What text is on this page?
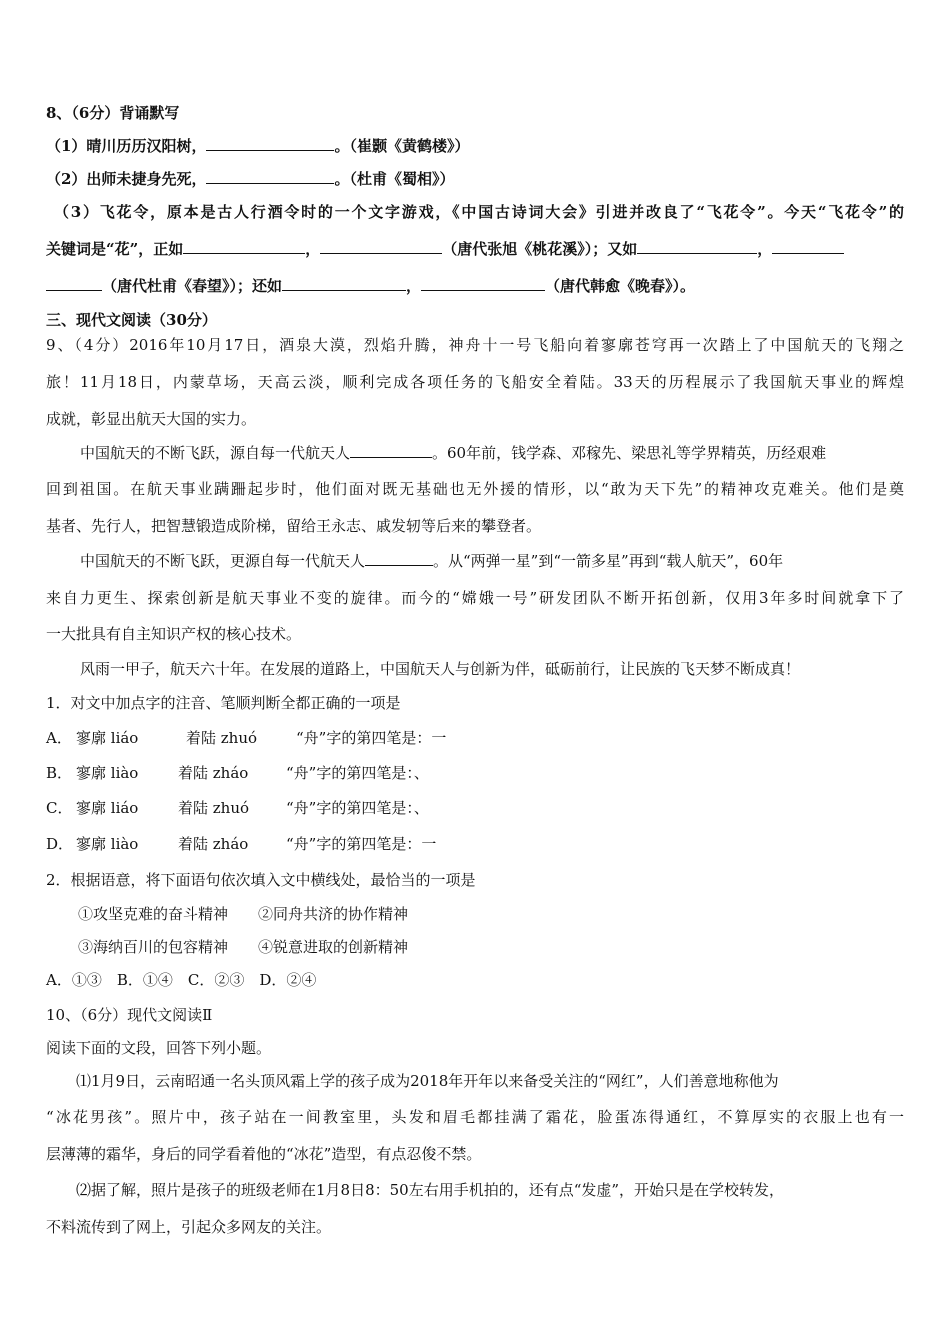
8、（6分）背诵默写
（1）晴川历历汉阳树，	。（崔颢《黄鹤楼》）
（2）出师未捷身先死，	。（杜甫《蜀相》）
（3）飞花令，原本是古人行酒令时的一个文字游戏，《中国古诗词大会》引进并改良了“飞花令”。今天“飞花令”的
关键词是“花”，正如	，	（唐代张旭《桃花溪》）；又如	，
（唐代杜甫《春望》）；还如	，	（唐代韩愈《晚春》）。
三、现代文阅读（30分）
9、（4分）2016年10月17日，酒泉大漠，烈焰升腾，神舟十一号飞船向着寥廓苍穹再一次踏上了中国航天的飞翔之
旅！11月18日，内蒙草场，天高云淡，顺利完成各项任务的飞船安全着陆。33天的历程展示了我国航天事业的辉煌
成就，彰显出航天大国的实力。
中国航天的不断飞跃，源自每一代航天人	。60年前，钱学森、邓稼先、梁思礼等学界精英，历经艰难
回到祖国。在航天事业蹒跚起步时，他们面对既无基础也无外援的情形，以“敢为天下先”的精神攻克难关。他们是奠
基者、先行人，把智慧锻造成阶梯，留给王永志、戚发轫等后来的攀登者。
中国航天的不断飞跃，更源自每一代航天人	。从“两弹一星”到“一箭多星”再到“载人航天”，60年
来自力更生、探索创新是航天事业不变的旋律。而今的“嫦娥一号”研发团队不断开拓创新，仅用3年多时间就拿下了
一大批具有自主知识产权的核心技术。
风雨一甲子，航天六十年。在发展的道路上，中国航天人与创新为伴，砥砺前行，让民族的飞天梦不断成真！
1．对文中加点字的注音、笔顺判断全都正确的一项是
A． 寥廓 liáo	着陆 zhuó	“舟”字的第四笔是：一
B． 寥廓 liào	着陆 zháo	“舟”字的第四笔是：、
C． 寥廓 liáo	着陆 zhuó “舟”字的第四笔是：、
D． 寥廓 liào	着陆 zháo	“舟”字的第四笔是：一
2．根据语意，将下面语句依次填入文中横线处，最恰当的一项是
①攻坚克难的奋斗精神　　②同舟共济的协作精神
③海纳百川的包容精神　　④锐意进取的创新精神
A．①③　B．①④　C．②③　D．②④
10、（6分）现代文阅读Ⅱ
阅读下面的文段，回答下列小题。
⑴1月9日，云南昭通一名头顶风霜上学的孩子成为2018年开年以来备受关注的“网红”，人们善意地称他为
“冰花男孩”。照片中，孩子站在一间教室里，头发和眉毛都挂满了霜花，脸蛋冻得通红，不算厚实的衣服上也有一
层薄薄的霜华，身后的同学看着他的“冰花”造型，有点忍俊不禁。
⑵据了解，照片是孩子的班级老师在1月8日8：50左右用手机拍的，还有点“发虚”，开始只是在学校转发，
不料流传到了网上，引起众多网友的关注。
